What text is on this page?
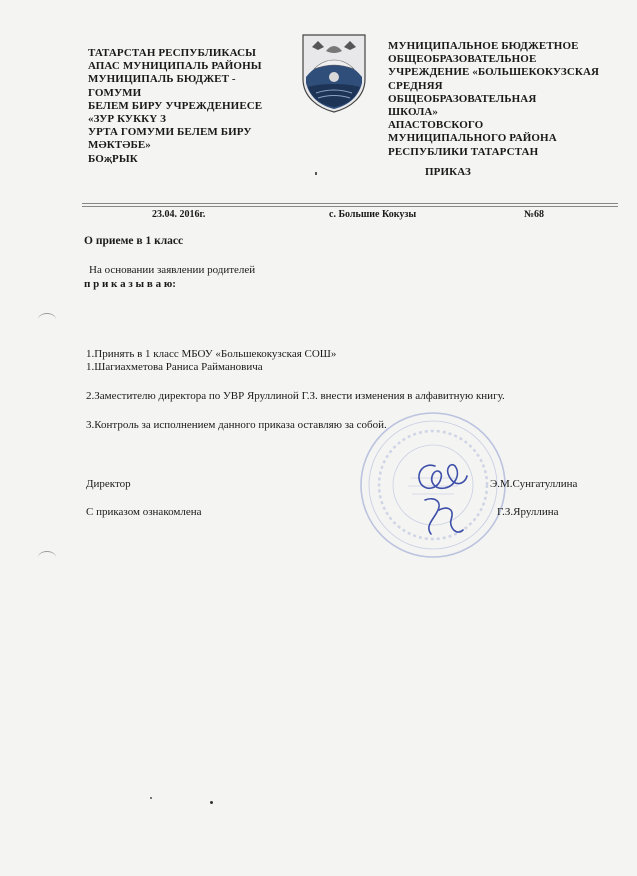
ТАТАРСТАН РЕСПУБЛИКАСЫ
АПАС МУНИЦИПАЛЬ РАЙОНЫ
МУНИЦИПАЛЬ БЮДЖЕТ -
ГОМУМИ
БЕЛЕМ БИРУ УЧРЕЖДЕНИЕСЕ
«ЗУР КУККҮ З
УРТА ГОМУМИ БЕЛЕМ БИРУ
МӘКТӘБЕ»
БОҗРЫК
МУНИЦИПАЛЬНОЕ БЮДЖЕТНОЕ
ОБЩЕОБРАЗОВАТЕЛЬНОЕ
УЧРЕЖДЕНИЕ «БОЛЬШЕКОКУЗСКАЯ
СРЕДНЯЯ
ОБЩЕОБРАЗОВАТЕЛЬНАЯ
ШКОЛА»
АПАСТОВСКОГО
МУНИЦИПАЛЬНОГО РАЙОНА
РЕСПУБЛИКИ ТАТАРСТАН
ПРИКАЗ
23.04. 2016г.	с. Большие Кокузы	№68
О приеме в 1 класс
На основании заявлении родителей
п р и к а з ы в а ю:
1.Принять в 1 класс МБОУ «Большекокузская СОШ»
1.Шагиахметова Раниса Раймановича
2.Заместителю директора по УВР Яруллиной Г.З. внести изменения в алфавитную книгу.
3.Контроль за исполнением данного приказа оставляю за собой.
Директор	Э.М.Сунгатуллина
С приказом ознакомлена	Г.З.Яруллина
